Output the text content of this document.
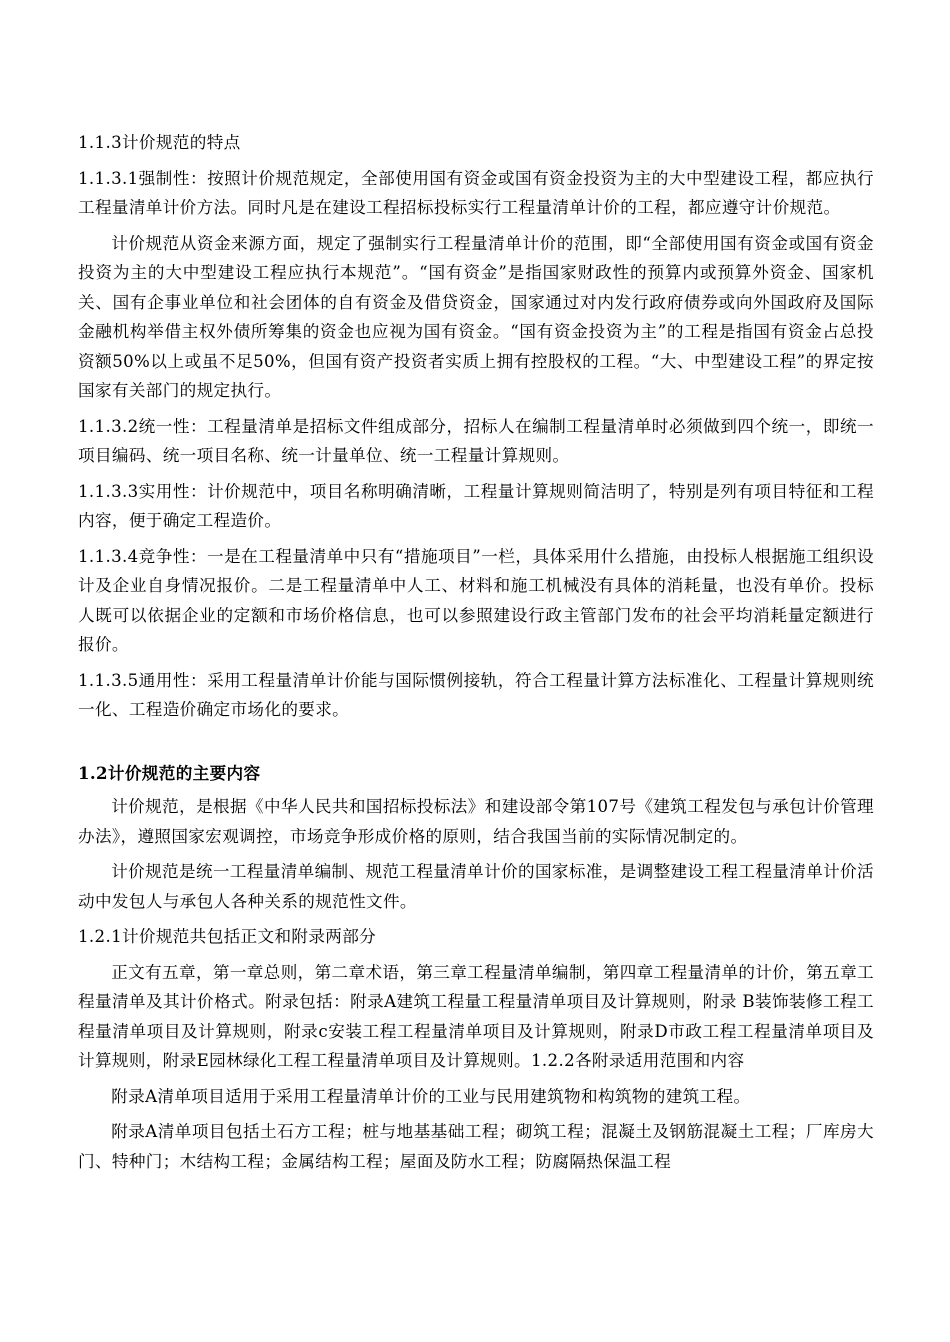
1.1.3计价规范的特点

1.1.3.1强制性：按照计价规范规定，全部使用国有资金或国有资金投资为主的大中型建设工程，都应执行工程量清单计价方法。同时凡是在建设工程招标投标实行工程量清单计价的工程，都应遵守计价规范。

计价规范从资金来源方面，规定了强制实行工程量清单计价的范围，即“全部使用国有资金或国有资金投资为主的大中型建设工程应执行本规范”。“国有资金”是指国家财政性的预算内或预算外资金、国家机关、国有企事业单位和社会团体的自有资金及借贷资金，国家通过对内发行政府债券或向外国政府及国际金融机构举借主权外债所筹集的资金也应视为国有资金。“国有资金投资为主”的工程是指国有资金占总投资额50%以上或虽不足50%，但国有资产投资者实质上拥有控股权的工程。“大、中型建设工程”的界定按国家有关部门的规定执行。

1.1.3.2统一性：工程量清单是招标文件组成部分，招标人在编制工程量清单时必须做到四个统一，即统一项目编码、统一项目名称、统一计量单位、统一工程量计算规则。

1.1.3.3实用性：计价规范中，项目名称明确清晰，工程量计算规则简洁明了，特别是列有项目特征和工程内容，便于确定工程造价。

1.1.3.4竞争性：一是在工程量清单中只有“措施项目”一栏，具体采用什么措施，由投标人根据施工组织设计及企业自身情况报价。二是工程量清单中人工、材料和施工机械没有具体的消耗量，也没有单价。投标人既可以依据企业的定额和市场价格信息，也可以参照建设行政主管部门发布的社会平均消耗量定额进行报价。

1.1.3.5通用性：采用工程量清单计价能与国际惯例接轨，符合工程量计算方法标准化、工程量计算规则统一化、工程造价确定市场化的要求。

1.2计价规范的主要内容

计价规范，是根据《中华人民共和国招标投标法》和建设部令第107号《建筑工程发包与承包计价管理办法》，遵照国家宏观调控，市场竞争形成价格的原则，结合我国当前的实际情况制定的。

计价规范是统一工程量清单编制、规范工程量清单计价的国家标准，是调整建设工程工程量清单计价活动中发包人与承包人各种关系的规范性文件。

1.2.1计价规范共包括正文和附录两部分

正文有五章，第一章总则，第二章术语，第三章工程量清单编制，第四章工程量清单的计价，第五章工程量清单及其计价格式。附录包括：附录A建筑工程量工程量清单项目及计算规则，附录 B装饰装修工程工程量清单项目及计算规则，附录c安装工程工程量清单项目及计算规则，附录D市政工程工程量清单项目及计算规则，附录E园林绿化工程工程量清单项目及计算规则。1.2.2各附录适用范围和内容

附录A清单项目适用于采用工程量清单计价的工业与民用建筑物和构筑物的建筑工程。

附录A清单项目包括土石方工程；桩与地基基础工程；砌筑工程；混凝土及钢筋混凝土工程；厂库房大门、特种门；木结构工程；金属结构工程；屋面及防水工程；防腐隔热保温工程
